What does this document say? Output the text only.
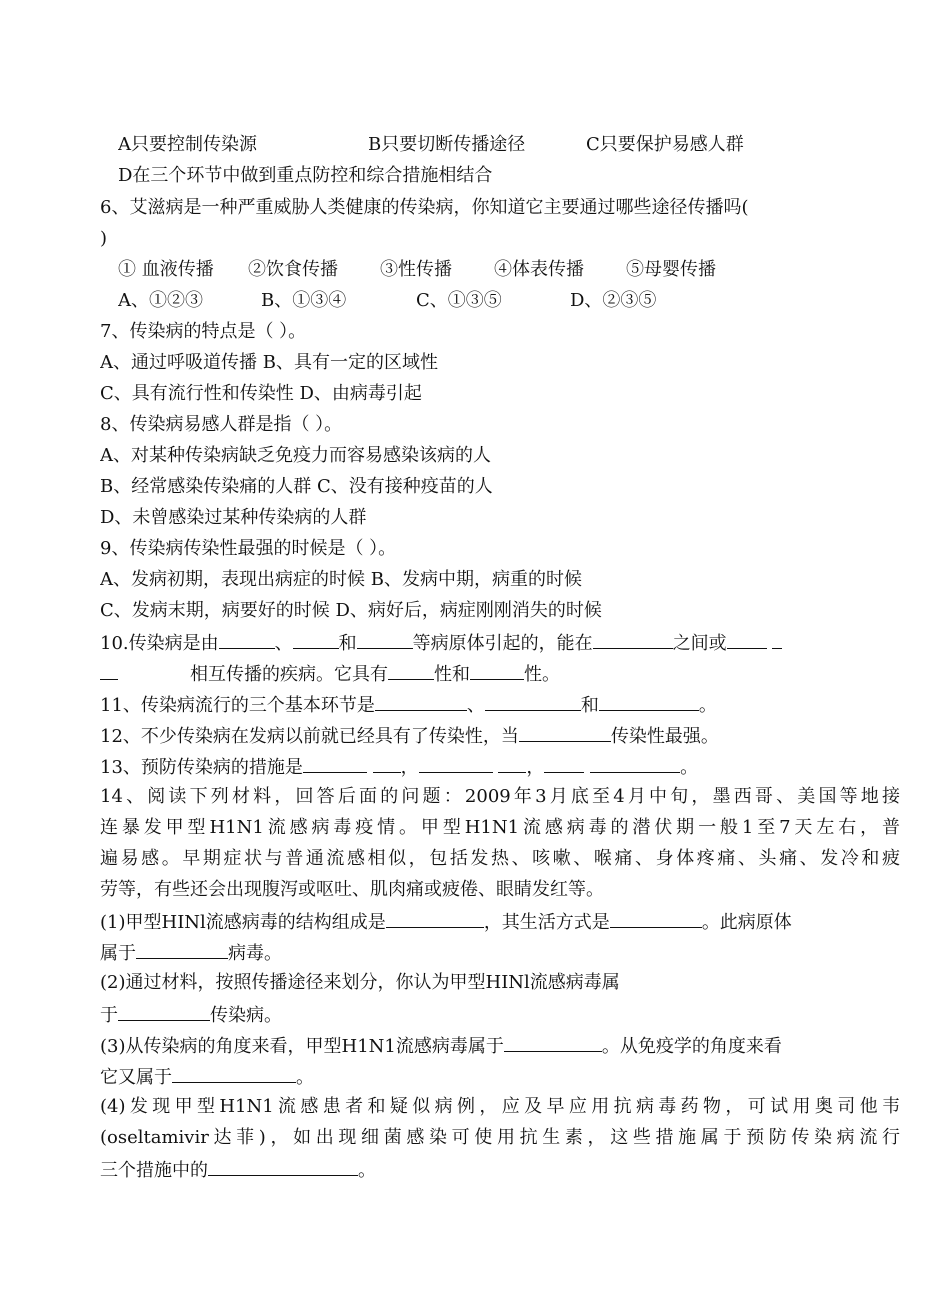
A只要控制传染源	B只要切断传播途径	C只要保护易感人群
D在三个环节中做到重点防控和综合措施相结合
6、艾滋病是一种严重威胁人类健康的传染病，你知道它主要通过哪些途径传播吗(
)
① 血液传播 ②饮食传播 ③性传播 ④体表传播 ⑤母婴传播
A、①②③	B、①③④	C、①③⑤	D、②③⑤
7、传染病的特点是（ ）。
A、通过呼吸道传播 B、具有一定的区域性
C、具有流行性和传染性 D、由病毒引起
8、传染病易感人群是指（ ）。
A、对某种传染病缺乏免疫力而容易感染该病的人
B、经常感染传染痛的人群 C、没有接种疫苗的人
D、未曾感染过某种传染病的人群
9、传染病传染性最强的时候是（ ）。
A、发病初期，表现出病症的时候 B、发病中期，病重的时候
C、发病末期，病要好的时候 D、病好后，病症刚刚消失的时候
10.传染病是由	、	和	等病原体引起的，能在	之间或
相互传播的疾病。它具有	性和	性。
11、传染病流行的三个基本环节是	、	和	。
12、不少传染病在发病以前就已经具有了传染性，当	传染性最强。
13、预防传染病的措施是	，	，	。
14、阅读下列材料，回答后面的问题：2009年3月底至4月中旬，墨西哥、美国等地接
连暴发甲型H1N1流感病毒疫情。甲型H1N1流感病毒的潜伏期一般1至7天左右，普
遍易感。早期症状与普通流感相似，包括发热、咳嗽、喉痛、身体疼痛、头痛、发冷和疲
劳等，有些还会出现腹泻或呕吐、肌肉痛或疲倦、眼睛发红等。
(1)甲型HINl流感病毒的结构组成是	，其生活方式是	。此病原体
属于	病毒。
(2)通过材料，按照传播途径来划分，你认为甲型HINl流感病毒属
于	传染病。
(3)从传染病的角度来看，甲型H1N1流感病毒属于	。从免疫学的角度来看
它又属于	。
(4)发现甲型H1N1流感患者和疑似病例，应及早应用抗病毒药物，可试用奥司他韦
(oseltamivir达菲)，如出现细菌感染可使用抗生素，这些措施属于预防传染病流行
三个措施中的	。
